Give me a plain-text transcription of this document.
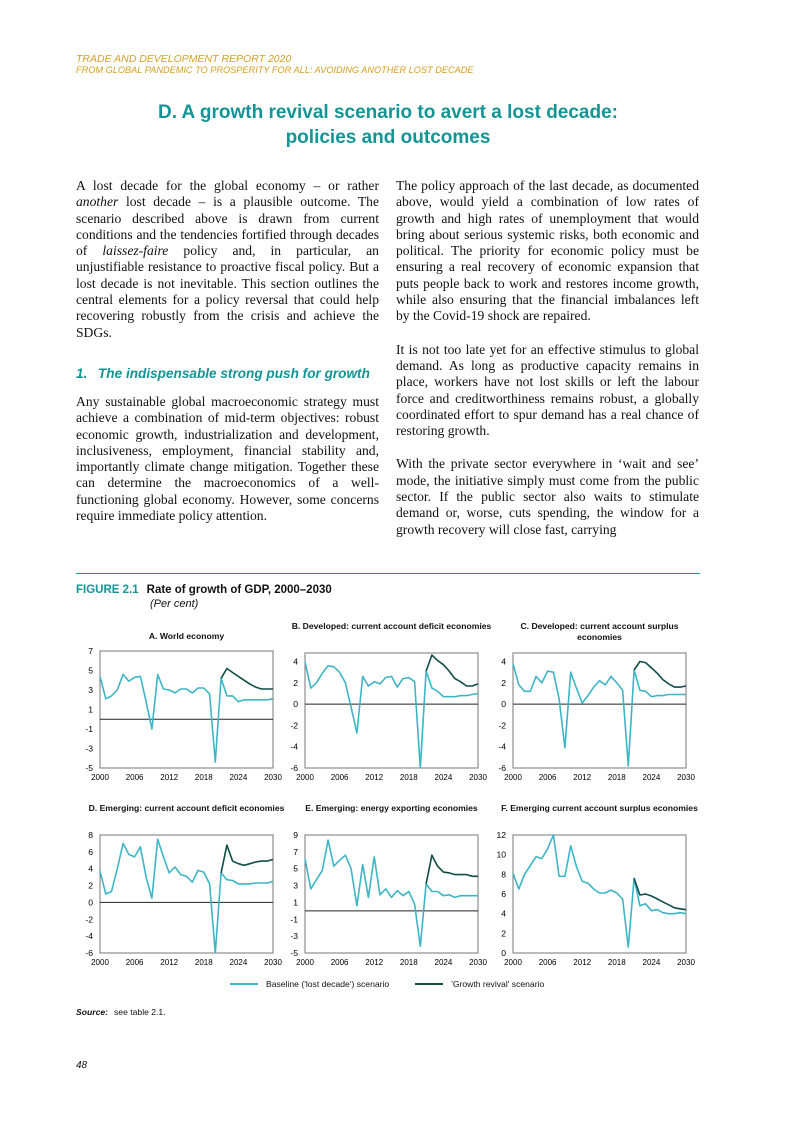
TRADE AND DEVELOPMENT REPORT 2020
FROM GLOBAL PANDEMIC TO PROSPERITY FOR ALL: AVOIDING ANOTHER LOST DECADE
D. A growth revival scenario to avert a lost decade:
policies and outcomes

A lost decade for the global economy – or rather another lost decade – is a plausible outcome. The scenario described above is drawn from current conditions and the tendencies fortified through decades of laissez-faire policy and, in particular, an unjustifiable resistance to proactive fiscal policy. But a lost decade is not inevitable. This section outlines the central elements for a policy reversal that could help recovering robustly from the crisis and achieve the SDGs.

1. The indispensable strong push for growth

Any sustainable global macroeconomic strategy must achieve a combination of mid-term objectives: robust economic growth, industrialization and development, inclusiveness, employment, financial stability and, importantly climate change mitigation. Together these can determine the macroeconomics of a well-functioning global economy. However, some concerns require immediate policy attention.

The policy approach of the last decade, as documented above, would yield a combination of low rates of growth and high rates of unemployment that would bring about serious systemic risks, both economic and political. The priority for economic policy must be ensuring a real recovery of economic expansion that puts people back to work and restores income growth, while also ensuring that the financial imbalances left by the Covid-19 shock are repaired.

It is not too late yet for an effective stimulus to global demand. As long as productive capacity remains in place, workers have not lost skills or left the labour force and creditworthiness remains robust, a globally coordinated effort to spur demand has a real chance of restoring growth.

With the private sector everywhere in ‘wait and see’ mode, the initiative simply must come from the public sector. If the public sector also waits to stimulate demand or, worse, cuts spending, the window for a growth recovery will close fast, carrying

FIGURE 2.1 Rate of growth of GDP, 2000–2030
(Per cent)
A. World economy
B. Developed: current account deficit economies	C. Developed: current account surplus economies
D. Emerging: current account deficit economies	E. Emerging: energy exporting economies	F. Emerging current account surplus economies
Baseline ('lost decade') scenario	'Growth revival' scenario
Source: see table 2.1.
48
7
5
3
1
-1
-3
-5
2000 2006 2012 2018 2024 2030
4
2
0
-2
-4
-6
2000 2006 2012 2018 2024 2030
4
2
0
-2
-4
-6
2000 2006 2012 2018 2024 2030
8
6
4
2
0
-2
-4
-6
2000 2006 2012 2018 2024 2030
9
7
5
3
1
-1
-3
-5
2000 2006 2012 2018 2024 2030
12
10
8
6
4
2
0
2000 2006 2012 2018 2024 2030
